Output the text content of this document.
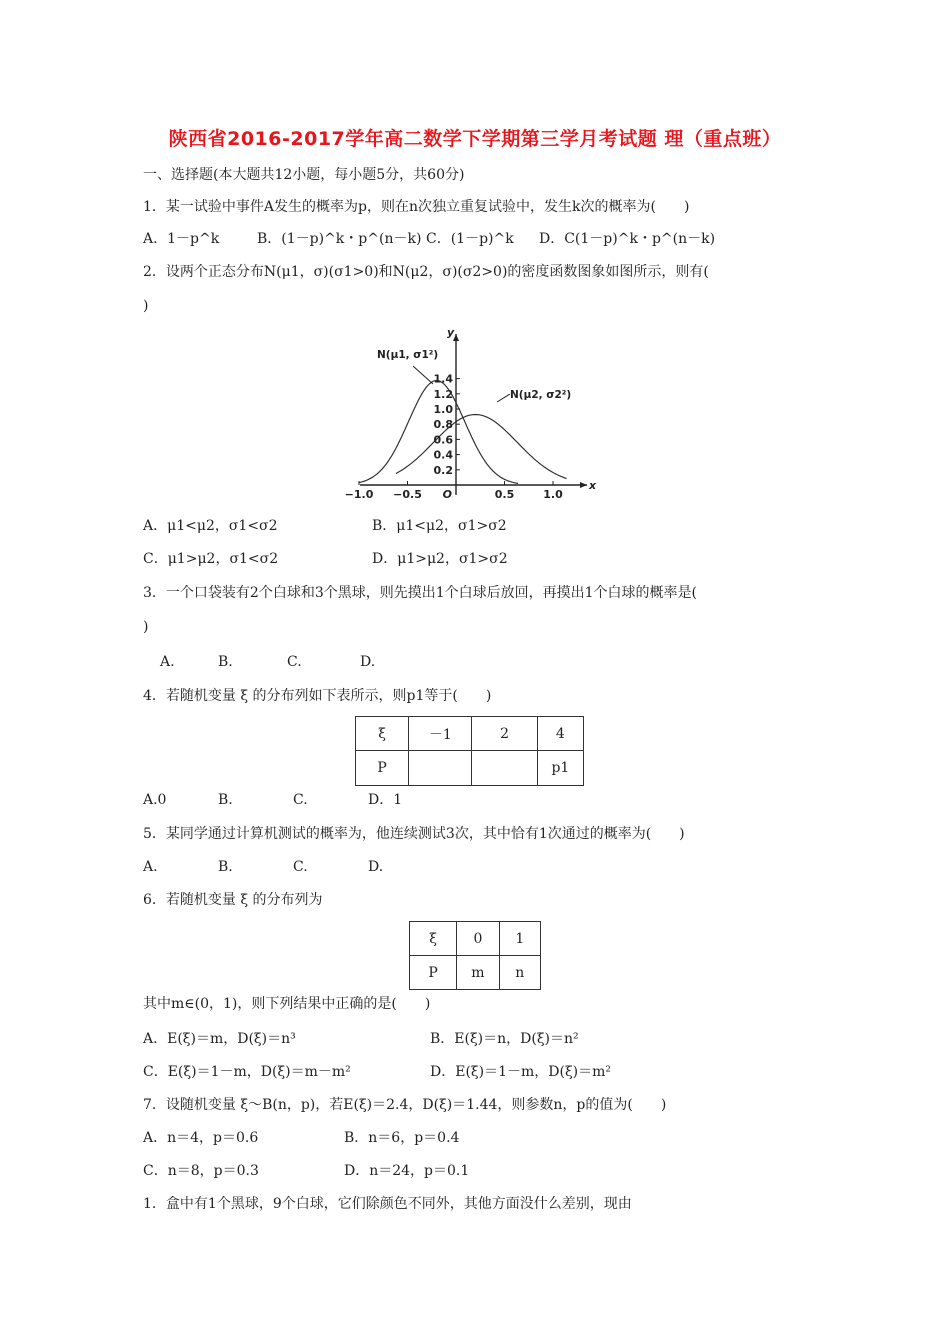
陕西省2016-2017学年高二数学下学期第三学月考试题 理（重点班）
一、选择题(本大题共12小题，每小题5分，共60分)
1．某一试验中事件A发生的概率为p，则在n次独立重复试验中，发生k次的概率为(　　)
A．1－p^k	B．(1－p)^k・p^(n－k) C．(1－p)^k D．C(1－p)^k・p^(n－k)
2．设两个正态分布N(μ1，σ)(σ1>0)和N(μ2，σ)(σ2>0)的密度函数图象如图所示，则有(
)
−1.0 −0.5	0.5	1.0
0.2
0.4
0.6
0.8
1.0
1.2
1.4
x
y
O
N(μ1, σ1²)
N(μ2, σ2²)
A．μ1<μ2，σ1<σ2	B．μ1<μ2，σ1>σ2
C．μ1>μ2，σ1<σ2	D．μ1>μ2，σ1>σ2
3．一个口袋装有2个白球和3个黑球，则先摸出1个白球后放回，再摸出1个白球的概率是(
)
A.	B.	C.	D.
4．若随机变量 ξ 的分布列如下表所示，则p1等于(　　)
ξ	－1	2	4
P			p1
A.0	B.	C.	D．1
5．某同学通过计算机测试的概率为，他连续测试3次，其中恰有1次通过的概率为(　　)
A.	B.	C.	D.
6．若随机变量 ξ 的分布列为
ξ	0	1
P	m	n
其中m∈(0，1)，则下列结果中正确的是(　　)
A．E(ξ)＝m，D(ξ)＝n³	B．E(ξ)＝n，D(ξ)＝n²
C．E(ξ)＝1－m，D(ξ)＝m－m²	D．E(ξ)＝1－m，D(ξ)＝m²
7．设随机变量 ξ～B(n，p)，若E(ξ)＝2.4，D(ξ)＝1.44，则参数n，p的值为(　　)
A．n＝4，p＝0.6	B．n＝6，p＝0.4
C．n＝8，p＝0.3	D．n＝24，p＝0.1
1．盒中有1个黑球，9个白球，它们除颜色不同外，其他方面没什么差别，现由
